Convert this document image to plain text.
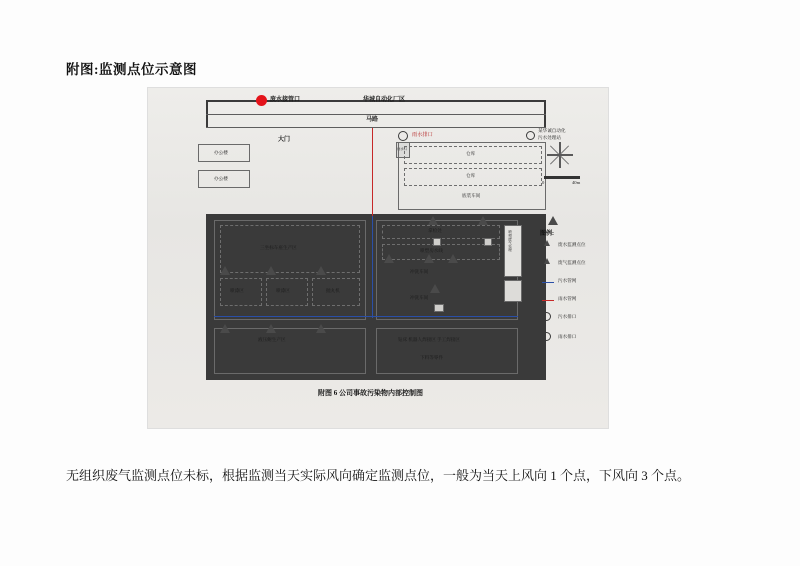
附图:监测点位示意图
废水接管口	华城自动化厂区
马路
雨水排口
某华诚自动化
污水处理站
大门
雨水口
办公楼
办公楼
仓库
仓库
底装车间
三坐标车座生产区
喷漆区	喷漆区	抛丸机
液压鲋生产区
拿检处
喷塑房水线
冲洗车间
冲洗车间
喷塑废气处理
钻床 机器人焊接区 手工焊接区
下料等零件
0	40m
图例:
废水监测点位
废气监测点位
污水管网
雨水管网
污水排口
雨水排口
附图 6 公司事故污染物内部控制图
无组织废气监测点位未标，根据监测当天实际风向确定监测点位，一般为当天上风向 1 个点，下风向 3 个点。
